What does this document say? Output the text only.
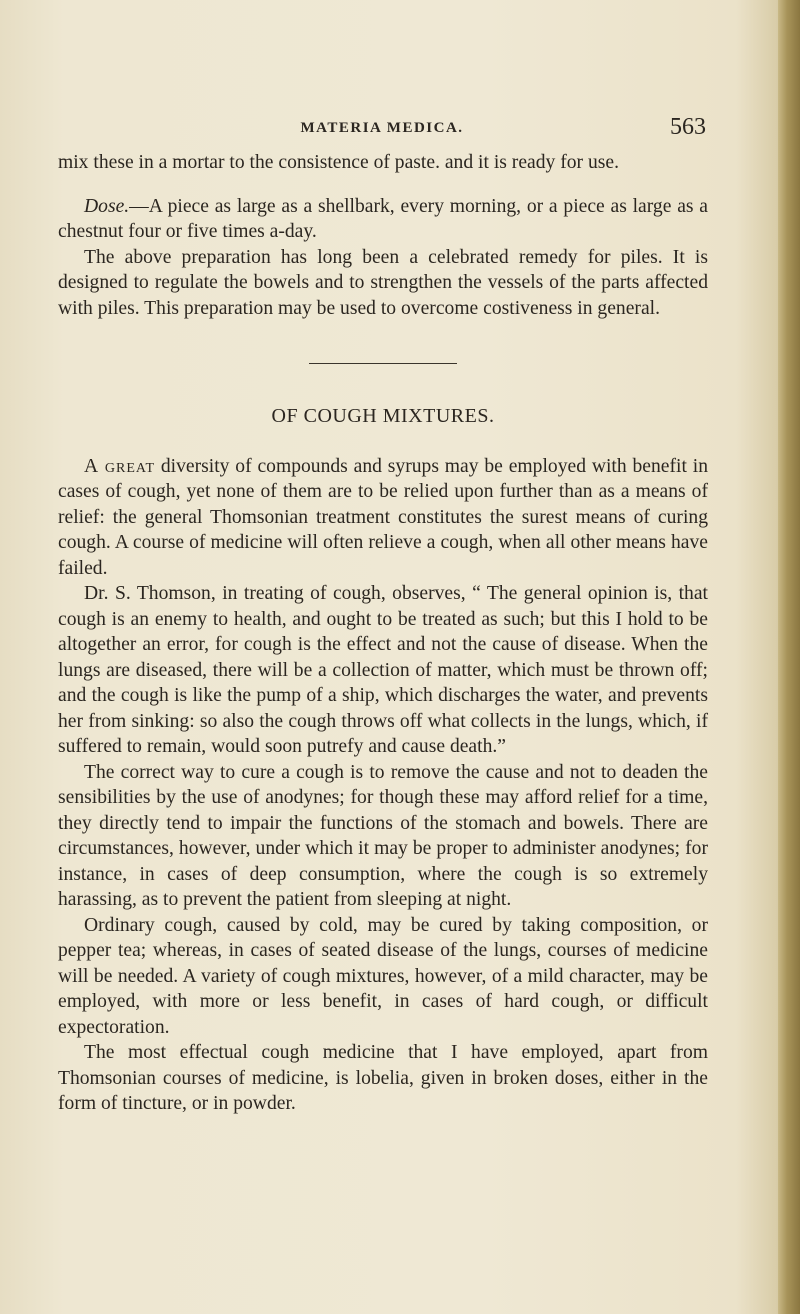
MATERIA MEDICA.	563

mix these in a mortar to the consistence of paste. and it is ready for use.

Dose.—A piece as large as a shellbark, every morning, or a piece as large as a chestnut four or five times a-day.

The above preparation has long been a celebrated remedy for piles. It is designed to regulate the bowels and to strengthen the vessels of the parts affected with piles. This preparation may be used to overcome costiveness in general.

OF COUGH MIXTURES.

A great diversity of compounds and syrups may be employed with benefit in cases of cough, yet none of them are to be relied upon further than as a means of relief: the general Thomsonian treatment constitutes the surest means of curing cough. A course of medicine will often relieve a cough, when all other means have failed.

Dr. S. Thomson, in treating of cough, observes, “ The general opinion is, that cough is an enemy to health, and ought to be treated as such; but this I hold to be altogether an error, for cough is the effect and not the cause of disease. When the lungs are diseased, there will be a collection of matter, which must be thrown off; and the cough is like the pump of a ship, which discharges the water, and prevents her from sinking: so also the cough throws off what collects in the lungs, which, if suffered to remain, would soon putrefy and cause death.”

The correct way to cure a cough is to remove the cause and not to deaden the sensibilities by the use of anodynes; for though these may afford relief for a time, they directly tend to impair the functions of the stomach and bowels. There are circumstances, however, under which it may be proper to administer anodynes; for instance, in cases of deep consumption, where the cough is so extremely harassing, as to prevent the patient from sleeping at night.

Ordinary cough, caused by cold, may be cured by taking composition, or pepper tea; whereas, in cases of seated disease of the lungs, courses of medicine will be needed. A variety of cough mixtures, however, of a mild character, may be employed, with more or less benefit, in cases of hard cough, or difficult expectoration.

The most effectual cough medicine that I have employed, apart from Thomsonian courses of medicine, is lobelia, given in broken doses, either in the form of tincture, or in powder.
